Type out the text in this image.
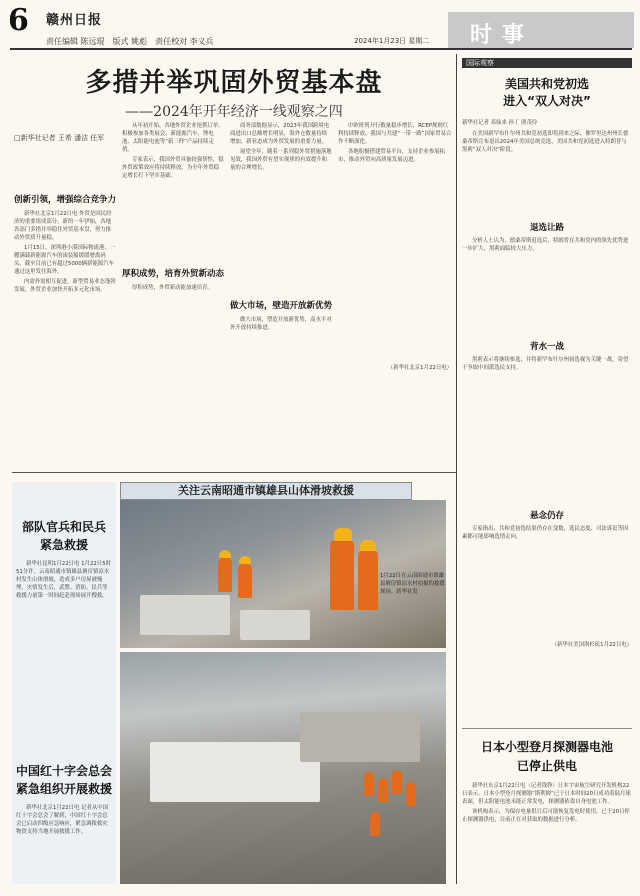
6 赣州日报
责任编辑 陈远琨 版式 姚彪 责任校对 李义兵	2024年1月23日 星期二 时事
多措并举巩固外贸基本盘
——2024年开年经济一线观察之四
□新华社记者 王希 潘洁 任军
创新引领，增强综合竞争力

新华社北京1月22日电 外贸是国民经济的重要组成部分，新的一年伊始，各地各部门多措并举稳住外贸基本盘，努力推动外贸质升量稳。

1月15日，深圳港小漠国际物流港，一艘满载新能源汽车的滚装船缓缓驶离码头。截至目前已有超过5000辆新能源汽车通过这里发往海外。

内需外需相互促进，新型贸易业态蓬勃发展，外贸企业加快开拓多元化市场。

从年初开始，各地外贸企业抢抓订单，积极参加各类展会，新能源汽车、锂电池、太阳能电池等“新三样”产品持续走俏。

专家表示，我国外贸具备较强韧性，稳外贸政策效应将持续释放，为全年外贸稳定增长打下坚实基础。

厚积成势，培育外贸新动态

厚积成势，外贸新动能加速培育。

商务部数据显示，2023年我国跨境电商进出口总额增长明显，海外仓数量持续增加，新业态成为外贸发展的重要力量。

展望全年，随着一系列稳外贸措施落地见效，我国外贸有望实现质的有效提升和量的合理增长。

做大市场，壁造开放新优势

做大市场，塑造开放新优势，高水平对外开放持续推进。

中欧班列开行数量稳步增长，RCEP规则红利持续释放，我国与共建“一带一路”国家贸易合作不断深化。

各地积极搭建贸易平台，支持企业参展拓市，推动外贸向高质量发展迈进。

（新华社北京1月22日电）

部队官兵和民兵
紧急救援

新华社昆明1月22日电 1月22日5时51分许，云南昭通市镇雄县塘房镇凉水村发生山体滑坡，造成多户房屋被掩埋。灾情发生后，武警、消防、民兵等救援力量第一时间赶赴现场展开搜救。

中国红十字会总会
紧急组织开展救援

新华社北京1月22日电 记者从中国红十字会总会了解到，中国红十字会总会已启动四级应急响应，紧急调拨救灾物资支持当地开展救援工作。

关注云南昭通市镇雄县山体滑坡救援
1月22日在云南昭通市镇雄县塘房镇凉水村拍摄的救援现场。新华社发
国际观察
美国共和党初选
进入“双人对决”
新华社记者 邓仙来 孙丁 熊茂伶

在美国新罕布什尔州共和党初选即将到来之际，佛罗里达州州长德桑蒂斯宣布退出2024年美国总统竞选，美国共和党初选进入特朗普与黑莉“双人对决”阶段。

退选让路

分析人士认为，德桑蒂斯退选后，特朗普在共和党内的领先优势进一步扩大，黑莉面临较大压力。

背水一战

黑莉表示将继续参选，并将新罕布什尔州初选视为关键一战，寄望于争取中间派选民支持。

悬念仍存

专家指出，共和党初选结果仍存在变数，选民态度、司法诉讼等因素都可能影响选情走向。

（新华社美国洛杉矶1月22日电）

日本小型登月探测器电池
已停止供电

新华社东京1月22日电（记者钱铮）日本宇宙航空研究开发机构22日表示，日本小型登月探测器“斯利姆”已于日本时间20日成功着陆月球表面，但太阳能电池未能正常发电，探测器依靠自身电池工作。

该机构表示，为保存电量供日后可能恢复发电时使用，已于20日停止探测器供电，目前正在对获取的数据进行分析。
